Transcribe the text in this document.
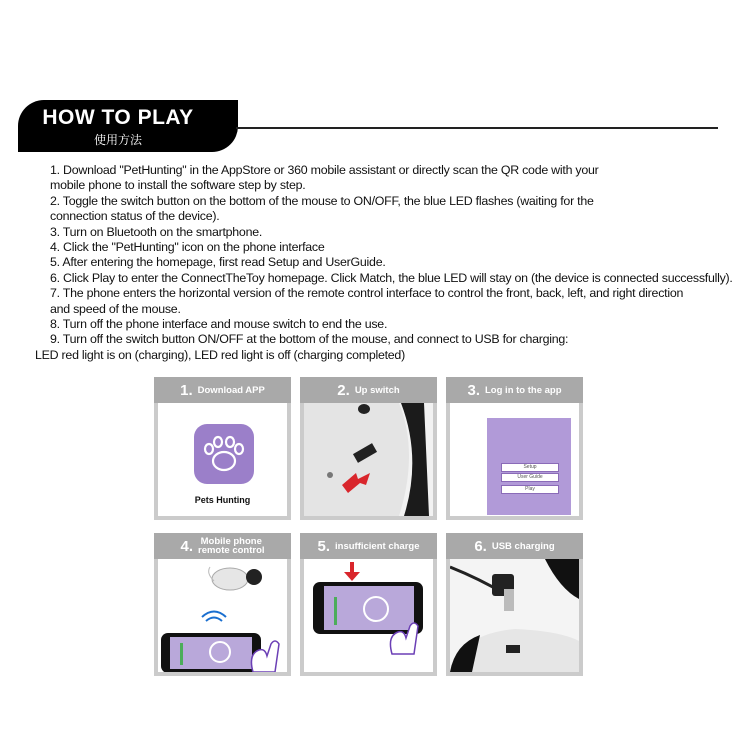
HOW TO PLAY
使用方法
1. Download "PetHunting" in the AppStore or 360 mobile assistant or directly scan the QR code with your
mobile phone to install the software step by step.
2. Toggle the switch button on the bottom of the mouse to ON/OFF, the blue LED flashes (waiting for the
connection status of the device).
3. Turn on Bluetooth on the smartphone.
4. Click the "PetHunting" icon on the phone interface
5. After entering the homepage, first read Setup and UserGuide.
6. Click Play to enter the ConnectTheToy homepage. Click Match, the blue LED will stay on (the device is connected successfully).
7. The phone enters the horizontal version of the remote control interface to control the front, back, left, and right direction
and speed of the mouse.
8. Turn off the phone interface and mouse switch to end the use.
9. Turn off the switch button ON/OFF at the bottom of the mouse, and connect to USB for charging:
LED red light is on (charging), LED red light is off (charging completed)
1. Download APP
Pets Hunting
2. Up switch	3. Log in to the app
Setup
User Guide
Play
4. Mobile phone
remote control	5. insufficient charge	6. USB charging
